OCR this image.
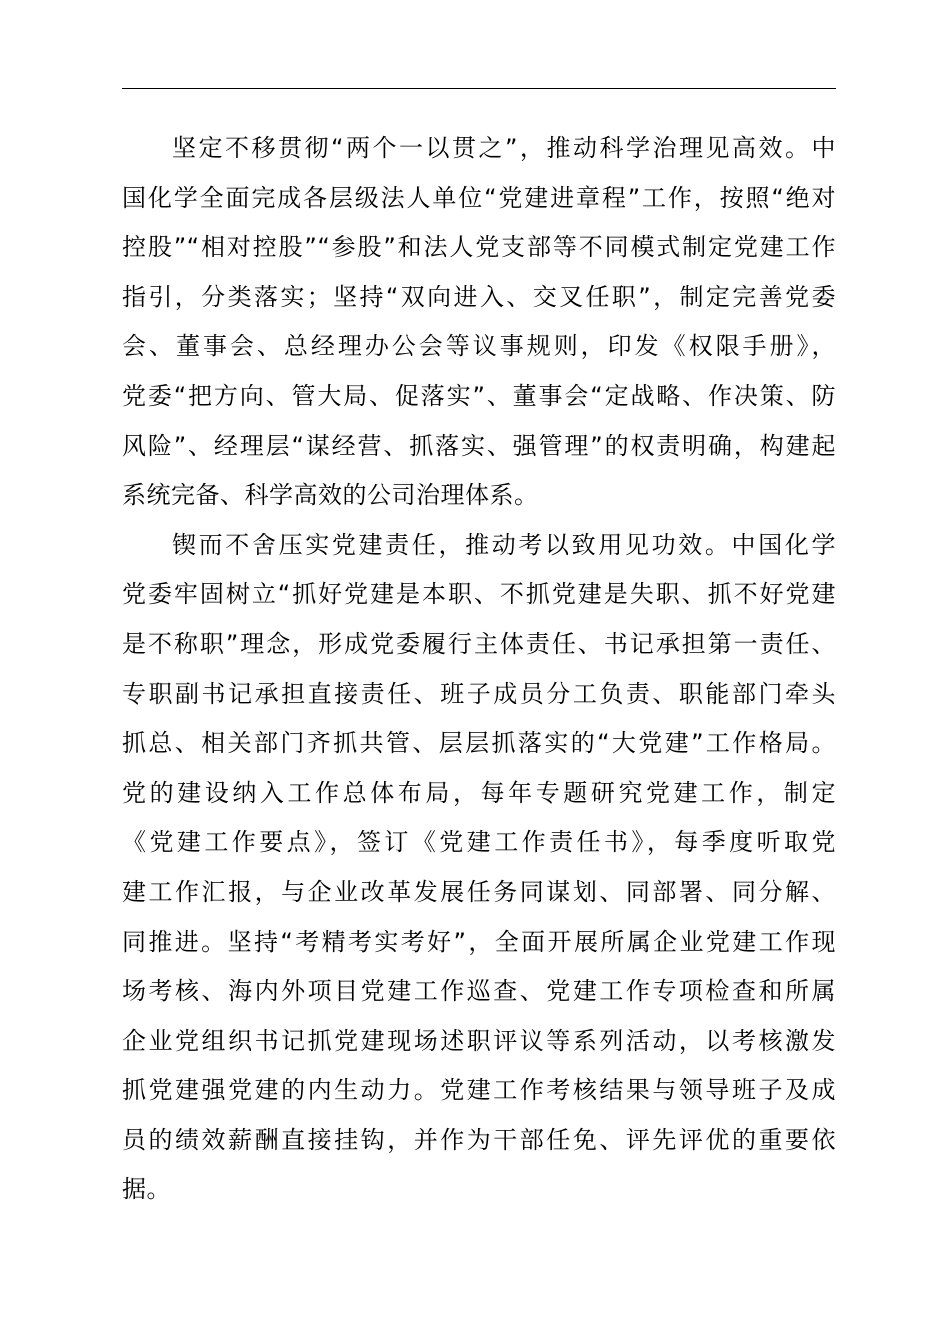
坚定不移贯彻“两个一以贯之”，推动科学治理见高效。中
国化学全面完成各层级法人单位“党建进章程”工作，按照“绝对
控股”“相对控股”“参股”和法人党支部等不同模式制定党建工作
指引，分类落实；坚持“双向进入、交叉任职”，制定完善党委
会、董事会、总经理办公会等议事规则，印发《权限手册》，
党委“把方向、管大局、促落实”、董事会“定战略、作决策、防
风险”、经理层“谋经营、抓落实、强管理”的权责明确，构建起
系统完备、科学高效的公司治理体系。
锲而不舍压实党建责任，推动考以致用见功效。中国化学
党委牢固树立“抓好党建是本职、不抓党建是失职、抓不好党建
是不称职”理念，形成党委履行主体责任、书记承担第一责任、
专职副书记承担直接责任、班子成员分工负责、职能部门牵头
抓总、相关部门齐抓共管、层层抓落实的“大党建”工作格局。
党的建设纳入工作总体布局，每年专题研究党建工作，制定
《党建工作要点》，签订《党建工作责任书》，每季度听取党
建工作汇报，与企业改革发展任务同谋划、同部署、同分解、
同推进。坚持“考精考实考好”，全面开展所属企业党建工作现
场考核、海内外项目党建工作巡查、党建工作专项检查和所属
企业党组织书记抓党建现场述职评议等系列活动，以考核激发
抓党建强党建的内生动力。党建工作考核结果与领导班子及成
员的绩效薪酬直接挂钩，并作为干部任免、评先评优的重要依
据。
